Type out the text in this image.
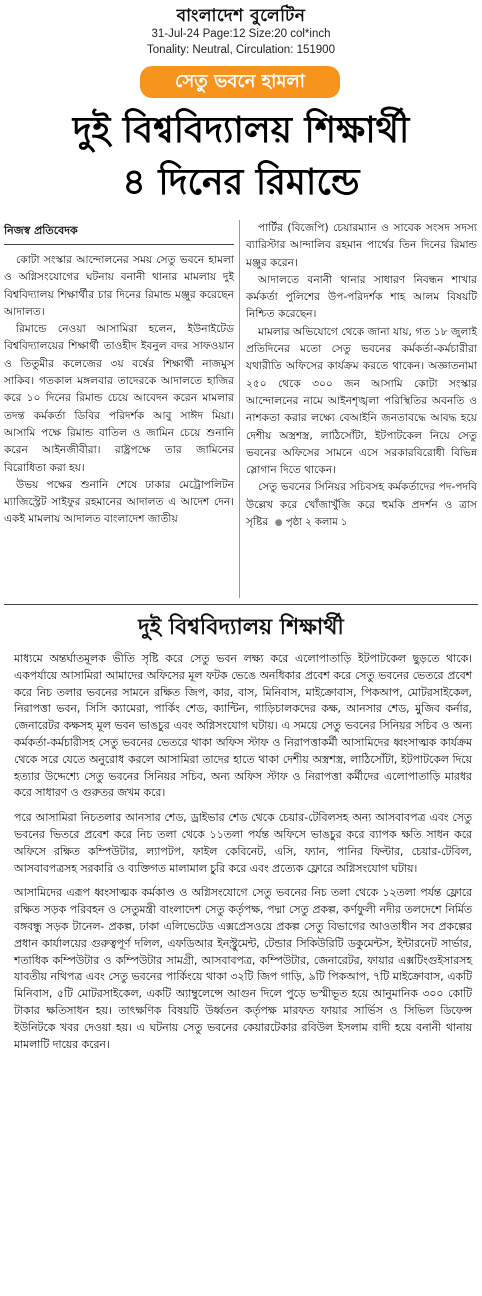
বাংলাদেশ বুলেটিন
31-Jul-24 Page:12 Size:20 col*inch
Tonality: Neutral, Circulation: 151900
সেতু ভবনে হামলা
দুই বিশ্ববিদ্যালয় শিক্ষার্থী
৪ দিনের রিমান্ডে
নিজস্ব প্রতিবেদক

কোটা সংস্কার আন্দোলনের সময় সেতু ভবনে হামলা ও অগ্নিসংযোগের ঘটনায় বনানী থানার মামলায় দুই বিশ্ববিদ্যালয় শিক্ষার্থীর চার দিনের রিমান্ড মঞ্জুর করেছেন আদালত।

রিমান্ডে নেওয়া আসামিরা হলেন, ইউনাইটেড বিশ্ববিদ্যালয়ের শিক্ষার্থী তাওহীদ ইবনুল বদর সাফওয়ান ও তিতুমীর কলেজের ৩য় বর্ষের শিক্ষার্থী নাজমুস সাকিব। গতকাল মঙ্গলবার তাদেরকে আদালতে হাজির করে ১০ দিনের রিমান্ড চেয়ে আবেদন করেন মামলার তদন্ত কর্মকর্তা ডিবির পরিদর্শক আবু সাঈদ মিয়া। আসামি পক্ষে রিমান্ড বাতিল ও জামিন চেয়ে শুনানি করেন আইনজীবীরা। রাষ্ট্রপক্ষে তার জামিনের বিরোধিতা করা হয়।

উভয় পক্ষের শুনানি শেষে ঢাকার মেট্রোপলিটন ম্যাজিস্ট্রেট সাইফুর রহমানের আদালত এ আদেশ দেন। একই মামলায় আদালত বাংলাদেশ জাতীয়

পার্টির (বিজেপি) চেয়ারম্যান ও সাবেক সংসদ সদস্য ব্যারিস্টার আন্দালিব রহমান পার্থের তিন দিনের রিমান্ড মঞ্জুর করেন।

আদালতে বনানী থানার সাধারণ নিবন্ধন শাখার কর্মকর্তা পুলিশের উপ-পরিদর্শক শাহ আলম বিষয়টি নিশ্চিত করেছেন।

মামলার অভিযোগে থেকে জানা যায়, গত ১৮ জুলাই প্রতিদিনের মতো সেতু ভবনের কর্মকর্তা-কর্মচারীরা যথারীতি অফিসের কার্যক্রম করতে থাকেন। অজ্ঞাতনামা ২৫০ থেকে ৩০০ জন আসামি কোটা সংস্কার আন্দোলনের নামে আইনশৃঙ্খলা পরিস্থিতির অবনতি ও নাশকতা করার লক্ষ্যে বেআইনি জনতাবদ্ধে আবদ্ধ হয়ে দেশীয় অস্ত্রশস্ত্র, লাঠিসোঁটা, ইটপাটকেল নিয়ে সেতু ভবনের অফিসের সামনে এসে সরকারবিরোধী বিভিন্ন স্লোগান দিতে থাকেন।

সেতু ভবনের সিনিয়র সচিবসহ কর্মকর্তাদের পদ-পদবি উল্লেখ করে খোঁজাখুঁজি করে হুমকি প্রদর্শন ও ত্রাস সৃষ্টির ● পৃষ্ঠা ২ কলাম ১

দুই বিশ্ববিদ্যালয় শিক্ষার্থী

মাধ্যমে অন্তর্ঘাতমূলক ভীতি সৃষ্টি করে সেতু ভবন লক্ষ্য করে এলোপাতাড়ি ইটপাটকেল ছুড়তে থাকে। একপর্যায়ে আসামিরা আমাদের অফিসের মূল ফটক ভেঙে অনধিকার প্রবেশ করে সেতু ভবনের ভেতরে প্রবেশ করে নিচ তলার ভবনের সামনে রক্ষিত জিপ, কার, বাস, মিনিবাস, মাইক্রোবাস, পিকআপ, মোটরসাইকেল, নিরাপত্তা ভবন, সিসি ক্যামেরা, পার্কিং শেড, ক্যান্টিন, গাড়িচালকদের কক্ষ, আনসার শেড, মুজিব কর্নার, জেনারেটর কক্ষসহ মূল ভবন ভাঙচুর এবং অগ্নিসংযোগ ঘটায়। এ সময়ে সেতু ভবনের সিনিয়র সচিব ও অন্য কর্মকর্তা-কর্মচারীসহ সেতু ভবনের ভেতরে থাকা অফিস স্টাফ ও নিরাপত্তাকর্মী আসামিদের ধ্বংসাত্মক কার্যক্রম থেকে সরে যেতে অনুরোধ করলে আসামিরা তাদের হাতে থাকা দেশীয় অস্ত্রশস্ত্র, লাঠিসোঁটা, ইটপাটকেল দিয়ে হত্যার উদ্দেশ্যে সেতু ভবনের সিনিয়র সচিব, অন্য অফিস স্টাফ ও নিরাপত্তা কর্মীদের এলোপাতাড়ি মারধর করে সাধারণ ও গুরুতর জখম করে।

পরে আসামিরা নিচতলার আনসার শেড, ড্রাইভার শেড থেকে চেয়ার-টেবিলসহ অন্য আসবাবপত্র এবং সেতু ভবনের ভিতরে প্রবেশ করে নিচ তলা থেকে ১১তলা পর্যন্ত অফিসে ভাঙচুর করে ব্যাপক ক্ষতি সাধন করে অফিসে রক্ষিত কম্পিউটার, ল্যাপটপ, ফাইল কেবিনেট, এসি, ফ্যান, পানির ফিল্টার, চেয়ার-টেবিল, আসবাবপত্রসহ সরকারি ও ব্যক্তিগত মালামাল চুরি করে এবং প্রত্যেক ফ্লোরে অগ্নিসংযোগ ঘটায়।

আসামিদের এরূপ ধ্বংসাত্মক কর্মকাণ্ড ও অগ্নিসংযোগে সেতু ভবনের নিচ তলা থেকে ১২তলা পর্যন্ত ফ্লোরে রক্ষিত সড়ক পরিবহন ও সেতুমন্ত্রী বাংলাদেশ সেতু কর্তৃপক্ষ, পদ্মা সেতু প্রকল্প, কর্ণফুলী নদীর তলদেশে নির্মিত বঙ্গবন্ধু সড়ক টানেল- প্রকল্প, ঢাকা এলিভেটেড এক্সপ্রেসওয়ে প্রকল্প সেতু বিভাগের আওতাধীন সব প্রকল্পের প্রধান কার্যালয়ের গুরুত্বপূর্ণ দলিল, এফডিআর ইনস্ট্রুমেন্ট, টেন্ডার সিকিউরিটি ডকুমেন্টস, ইন্টারনেট সার্ভার, শতাধিক কম্পিউটার ও কম্পিউটার সামগ্রী, আসবাবপত্র, কম্পিউটার, জেনারেটর, ফায়ার এক্সটিংগুইসারসহ যাবতীয় নথিপত্র এবং সেতু ভবনের পার্কিংয়ে থাকা ৩২টি জিপ গাড়ি, ৯টি পিকআপ, ৭টি মাইক্রোবাস, একটি মিনিবাস, ৫টি মোটরসাইকেল, একটি অ্যাম্বুলেন্সে আগুন দিলে পুড়ে ভস্মীভূত হয়ে আনুমানিক ৩০০ কোটি টাকার ক্ষতিসাধন হয়। তাৎক্ষণিক বিষয়টি উর্ধ্বতন কর্তৃপক্ষ মারফত ফায়ার সার্ভিস ও সিভিল ডিফেন্স ইউনিটকে খবর দেওয়া হয়। এ ঘটনায় সেতু ভবনের কেয়ারটেকার রবিউল ইসলাম বাদী হয়ে বনানী থানায় মামলাটি দায়ের করেন।
